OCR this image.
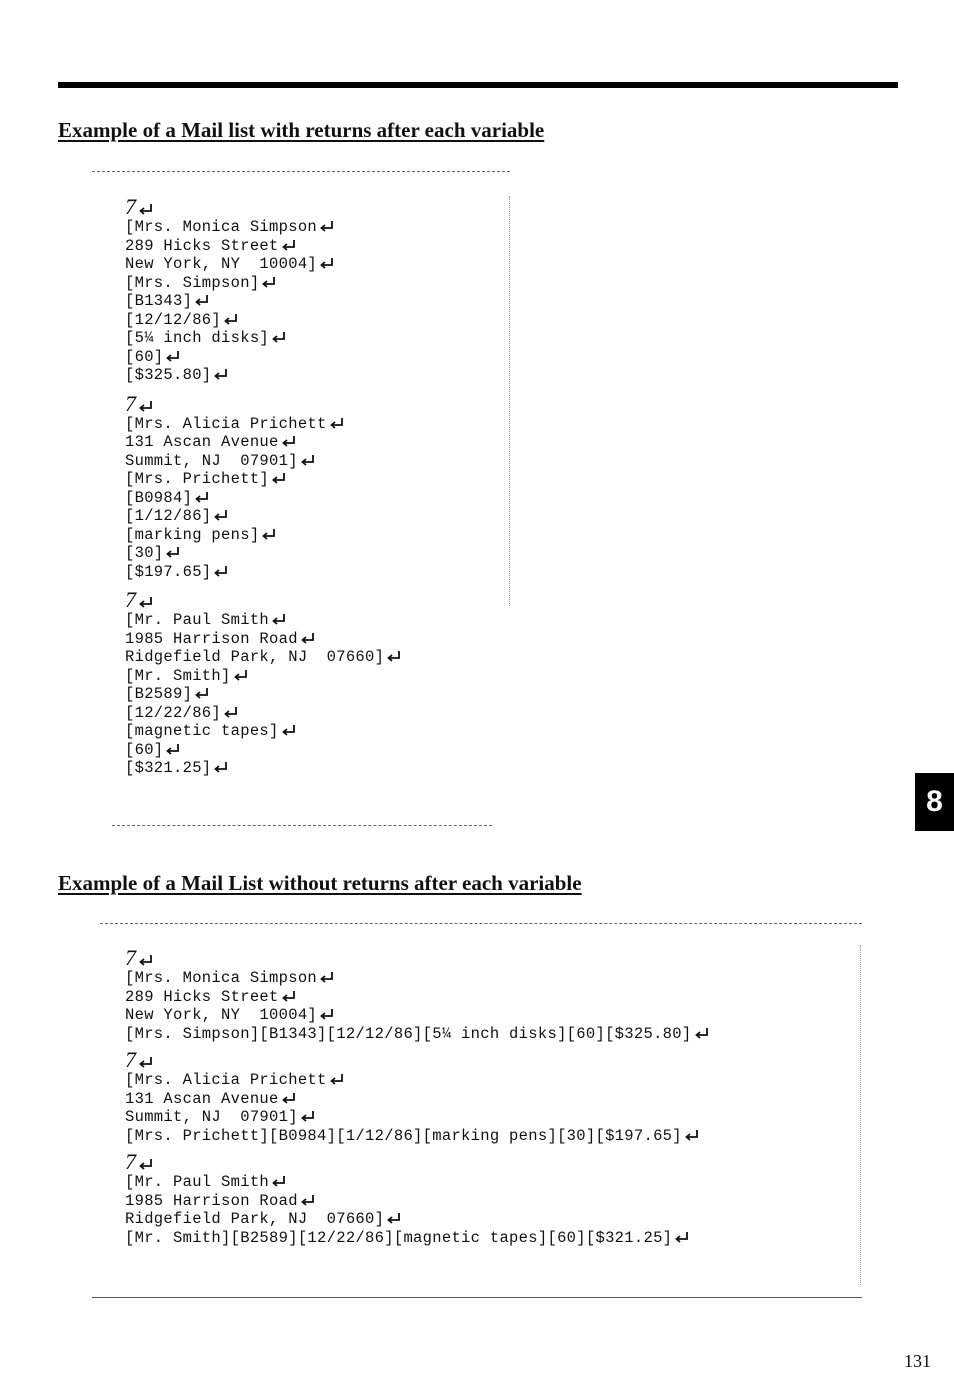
Example of a Mail list with returns after each variable
7
[Mrs. Monica Simpson
289 Hicks Street
New York, NY  10004]
[Mrs. Simpson]
[B1343]
[12/12/86]
[5¼ inch disks]
[60]
[$325.80]
7
[Mrs. Alicia Prichett
131 Ascan Avenue
Summit, NJ  07901]
[Mrs. Prichett]
[B0984]
[1/12/86]
[marking pens]
[30]
[$197.65]
7
[Mr. Paul Smith
1985 Harrison Road
Ridgefield Park, NJ  07660]
[Mr. Smith]
[B2589]
[12/22/86]
[magnetic tapes]
[60]
[$321.25]
Example of a Mail List without returns after each variable
7
[Mrs. Monica Simpson
289 Hicks Street
New York, NY  10004]
[Mrs. Simpson][B1343][12/12/86][5¼ inch disks][60][$325.80]
7
[Mrs. Alicia Prichett
131 Ascan Avenue
Summit, NJ  07901]
[Mrs. Prichett][B0984][1/12/86][marking pens][30][$197.65]
7
[Mr. Paul Smith
1985 Harrison Road
Ridgefield Park, NJ  07660]
[Mr. Smith][B2589][12/22/86][magnetic tapes][60][$321.25]
8
131
